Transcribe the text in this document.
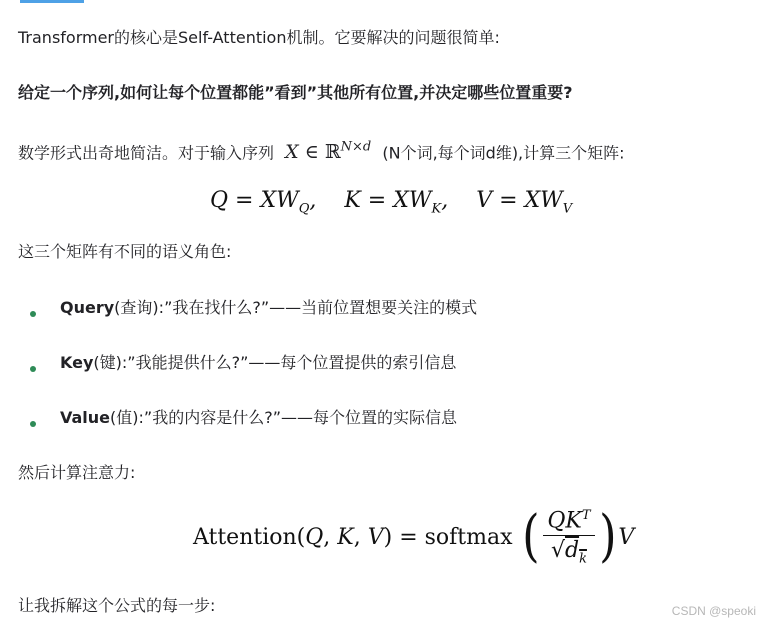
Transformer的核心是Self-Attention机制。它要解决的问题很简单:
给定一个序列,如何让每个位置都能”看到”其他所有位置,并决定哪些位置重要?
数学形式出奇地简洁。对于输入序列  X ∈ ℝ$^{N\times d}$ (N个词,每个词d维),计算三个矩阵:
$Q = XW_Q$,    $K = XW_K$,    $V = XW_V$
这三个矩阵有不同的语义角色:
Query(查询):”我在找什么?”——当前位置想要关注的模式
Key(键):”我能提供什么?”——每个位置提供的索引信息
Value(值):”我的内容是什么?”——每个位置的实际信息
然后计算注意力:
Attention(Q, K, V) = softmax ( $\frac{QK^T}{√d_k} )V$
让我拆解这个公式的每一步:	CSDN @speoki
